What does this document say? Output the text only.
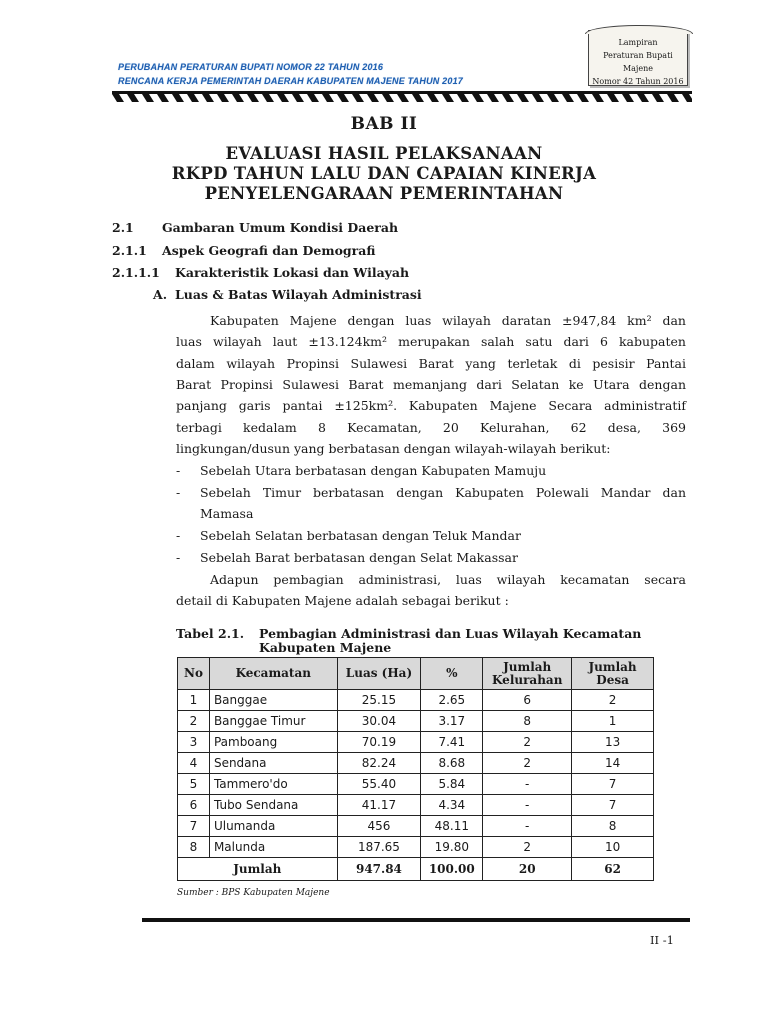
PERUBAHAN PERATURAN BUPATI NOMOR 22 TAHUN 2016
RENCANA KERJA PEMERINTAH DAERAH KABUPATEN MAJENE TAHUN 2017
Lampiran
Peraturan Bupati Majene
Nomor 42 Tahun 2016
BAB II
EVALUASI HASIL PELAKSANAAN
RKPD TAHUN LALU DAN CAPAIAN KINERJA
PENYELENGARAAN PEMERINTAHAN
2.1 Gambaran Umum Kondisi Daerah
2.1.1 Aspek Geografi dan Demografi
2.1.1.1 Karakteristik Lokasi dan Wilayah
A. Luas & Batas Wilayah Administrasi
Kabupaten Majene dengan luas wilayah daratan ±947,84 km² dan
luas wilayah laut ±13.124km² merupakan salah satu dari 6 kabupaten
dalam wilayah Propinsi Sulawesi Barat yang terletak di pesisir Pantai
Barat Propinsi Sulawesi Barat memanjang dari Selatan ke Utara dengan
panjang garis pantai ±125km². Kabupaten Majene Secara administratif
terbagi kedalam 8 Kecamatan, 20 Kelurahan, 62 desa, 369
lingkungan/dusun yang berbatasan dengan wilayah-wilayah berikut:
- Sebelah Utara berbatasan dengan Kabupaten Mamuju
- Sebelah Timur berbatasan dengan Kabupaten Polewali Mandar dan
Mamasa
- Sebelah Selatan berbatasan dengan Teluk Mandar
- Sebelah Barat berbatasan dengan Selat Makassar
Adapun pembagian administrasi, luas wilayah kecamatan secara
detail di Kabupaten Majene adalah sebagai berikut :
Tabel 2.1. Pembagian Administrasi dan Luas Wilayah Kecamatan
Kabupaten Majene
No	Kecamatan	Luas (Ha)	%	Jumlah Kelurahan	Jumlah Desa
1	Banggae	25.15	2.65	6	2
2	Banggae Timur	30.04	3.17	8	1
3	Pamboang	70.19	7.41	2	13
4	Sendana	82.24	8.68	2	14
5	Tammero'do	55.40	5.84	-	7
6	Tubo Sendana	41.17	4.34	-	7
7	Ulumanda	456	48.11	-	8
8	Malunda	187.65	19.80	2	10
Jumlah		947.84	100.00	20	62
Sumber : BPS Kabupaten Majene
II -1
